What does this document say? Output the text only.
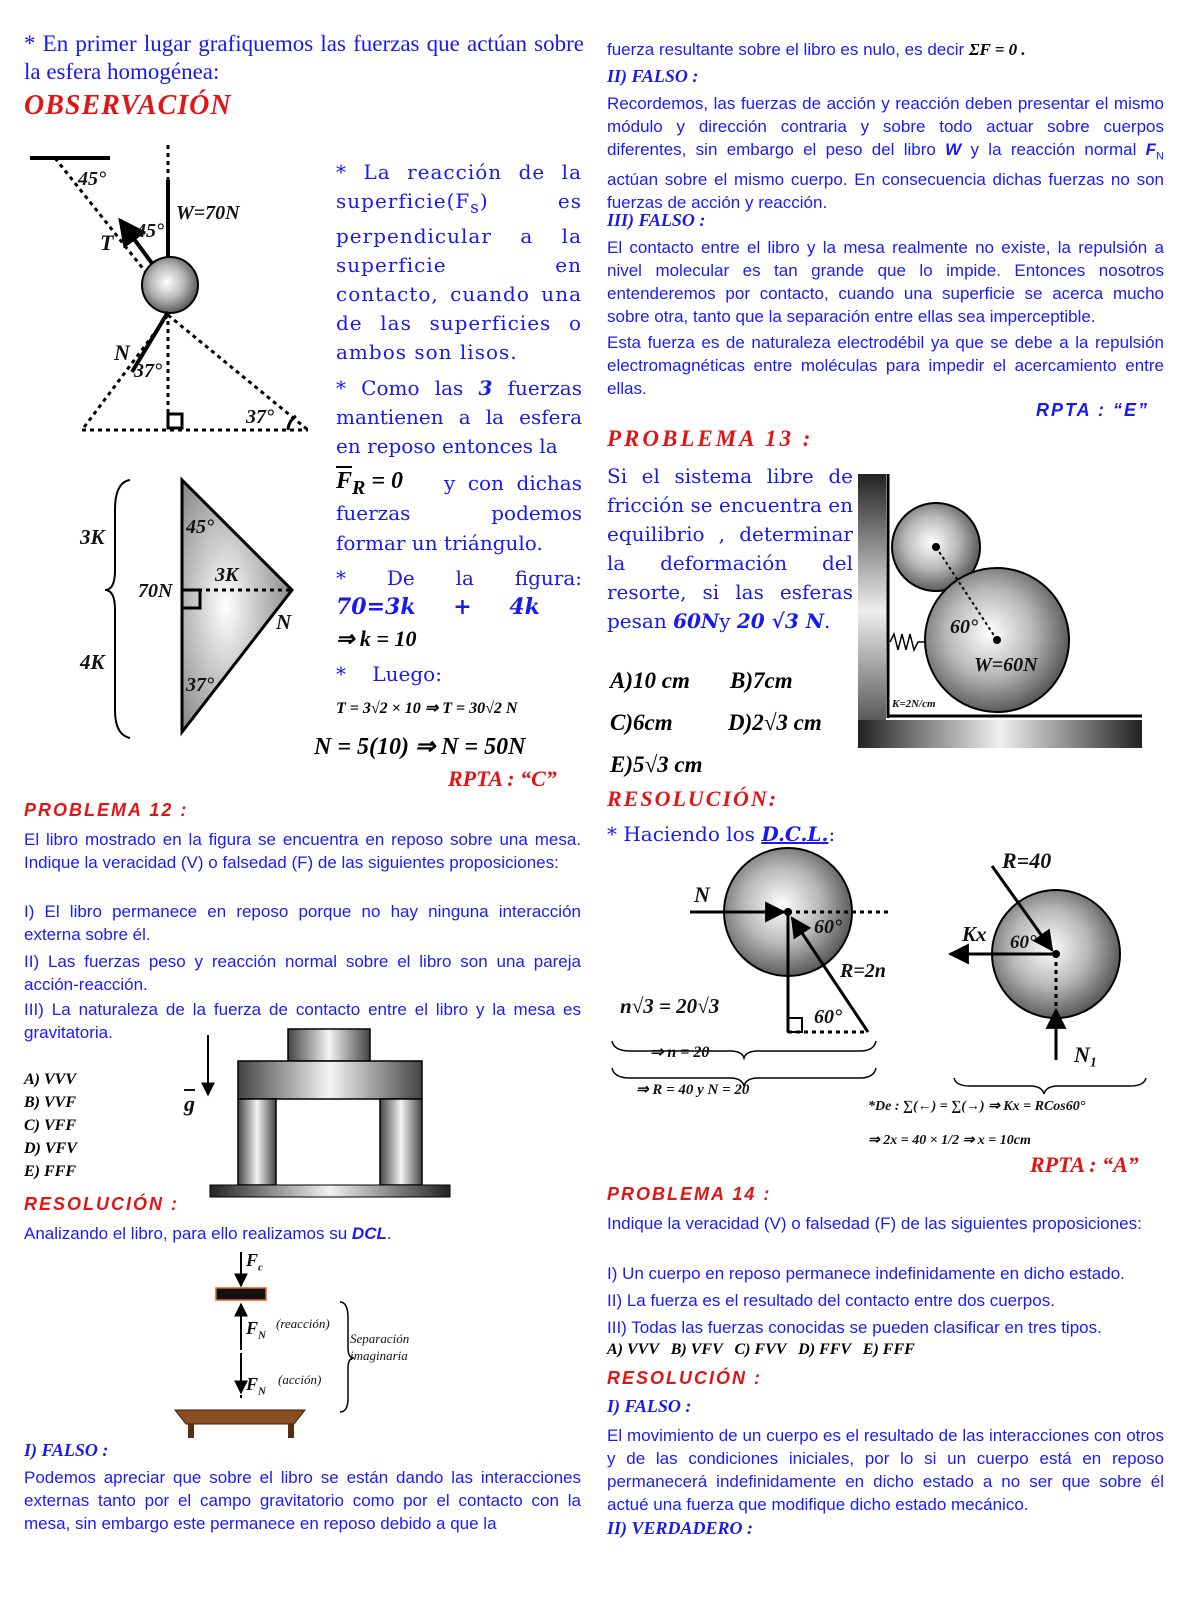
* En primer lugar grafiquemos las fuerzas que actúan sobre la esfera homogénea:
OBSERVACIÓN
45°
T 45°
W=70N
N
37°
37°
3K
70N
4K
45°
3K
N
37°
* La reacción de la $superficie(F_s)$ es perpendicular a la superficie en contacto, cuando una de las superficies o ambos son lisos.
* Como las 3 fuerzas mantienen a la esfera en reposo entonces la
$\overline{F}_R = 0$	y con dichas fuerzas podemos formar un triángulo.
* De la figura:
70=3k + 4k
⇒ k = 10
* Luego:
T = 3√2 × 10 ⇒ T = 30√2 N
N = 5(10) ⇒ N = 50N
RPTA : “C”
PROBLEMA 12 :

El libro mostrado en la figura se encuentra en reposo sobre una mesa. Indique la veracidad (V) o falsedad (F) de las siguientes proposiciones:

I) El libro permanece en reposo porque no hay ninguna interacción externa sobre él.

II) Las fuerzas peso y reacción normal sobre el libro son una pareja acción-reacción.

III) La naturaleza de la fuerza de contacto entre el libro y la mesa es gravitatoria.

A) VVV
B) VVF
C) VFF
D) VFV
E) FFF
$\overline{g}$
RESOLUCIÓN :

Analizando el libro, para ello realizamos su DCL.

$F_c$
$F_N$
(reacción)
$F_N$
(acción)
Separación imaginaria
I) FALSO :

Podemos apreciar que sobre el libro se están dando las interacciones externas tanto por el campo gravitatorio como por el contacto con la mesa, sin embargo este permanece en reposo debido a que la

fuerza resultante sobre el libro es nulo, es decir ΣF = 0 .

II) FALSO :

Recordemos, las fuerzas de acción y reacción deben presentar el mismo módulo y dirección contraria y sobre todo actuar sobre cuerpos diferentes, sin embargo el peso del libro W y la reacción normal $F_N$ actúan sobre el mismo cuerpo. En consecuencia dichas fuerzas no son fuerzas de acción y reacción.

III) FALSO :

El contacto entre el libro y la mesa realmente no existe, la repulsión a nivel molecular es tan grande que lo impide. Entonces nosotros entenderemos por contacto, cuando una superficie se acerca mucho sobre otra, tanto que la separación entre ellas sea imperceptible.

Esta fuerza es de naturaleza electrodébil ya que se debe a la repulsión electromagnéticas entre moléculas para impedir el acercamiento entre ellas.

RPTA : “E”
PROBLEMA 13 :
Si el sistema libre de fricción se encuentra en equilibrio , determinar la deformación del resorte, si las esferas pesan 60Ny 20 √3 N.
A)10 cm B)7cm
C)6cm D)2√3 cm
E)5√3 cm
60°
W=60N
K=2N/cm
RESOLUCIÓN:
* Haciendo los D.C.L.:
N
60°
R=2n
60°
n√3 = 20√3
⇒ n = 20
⇒ R = 40 y N = 20
R=40
Kx 60°
N₁
*De : ∑(←) = ∑(→) ⇒ Kx = RCos60°
⇒ 2x = 40 × 1/2 ⇒ x = 10cm
RPTA : “A”
PROBLEMA 14 :

Indique la veracidad (V) o falsedad (F) de las siguientes proposiciones:

I) Un cuerpo en reposo permanece indefinidamente en dicho estado.

II) La fuerza es el resultado del contacto entre dos cuerpos.

III) Todas las fuerzas conocidas se pueden clasificar en tres tipos.

A) VVV   B) VFV   C) FVV   D) FFV   E) FFF
RESOLUCIÓN :
I) FALSO :

El movimiento de un cuerpo es el resultado de las interacciones con otros y de las condiciones iniciales, por lo si un cuerpo está en reposo permanecerá indefinidamente en dicho estado a no ser que sobre él actué una fuerza que modifique dicho estado mecánico.

II) VERDADERO :
